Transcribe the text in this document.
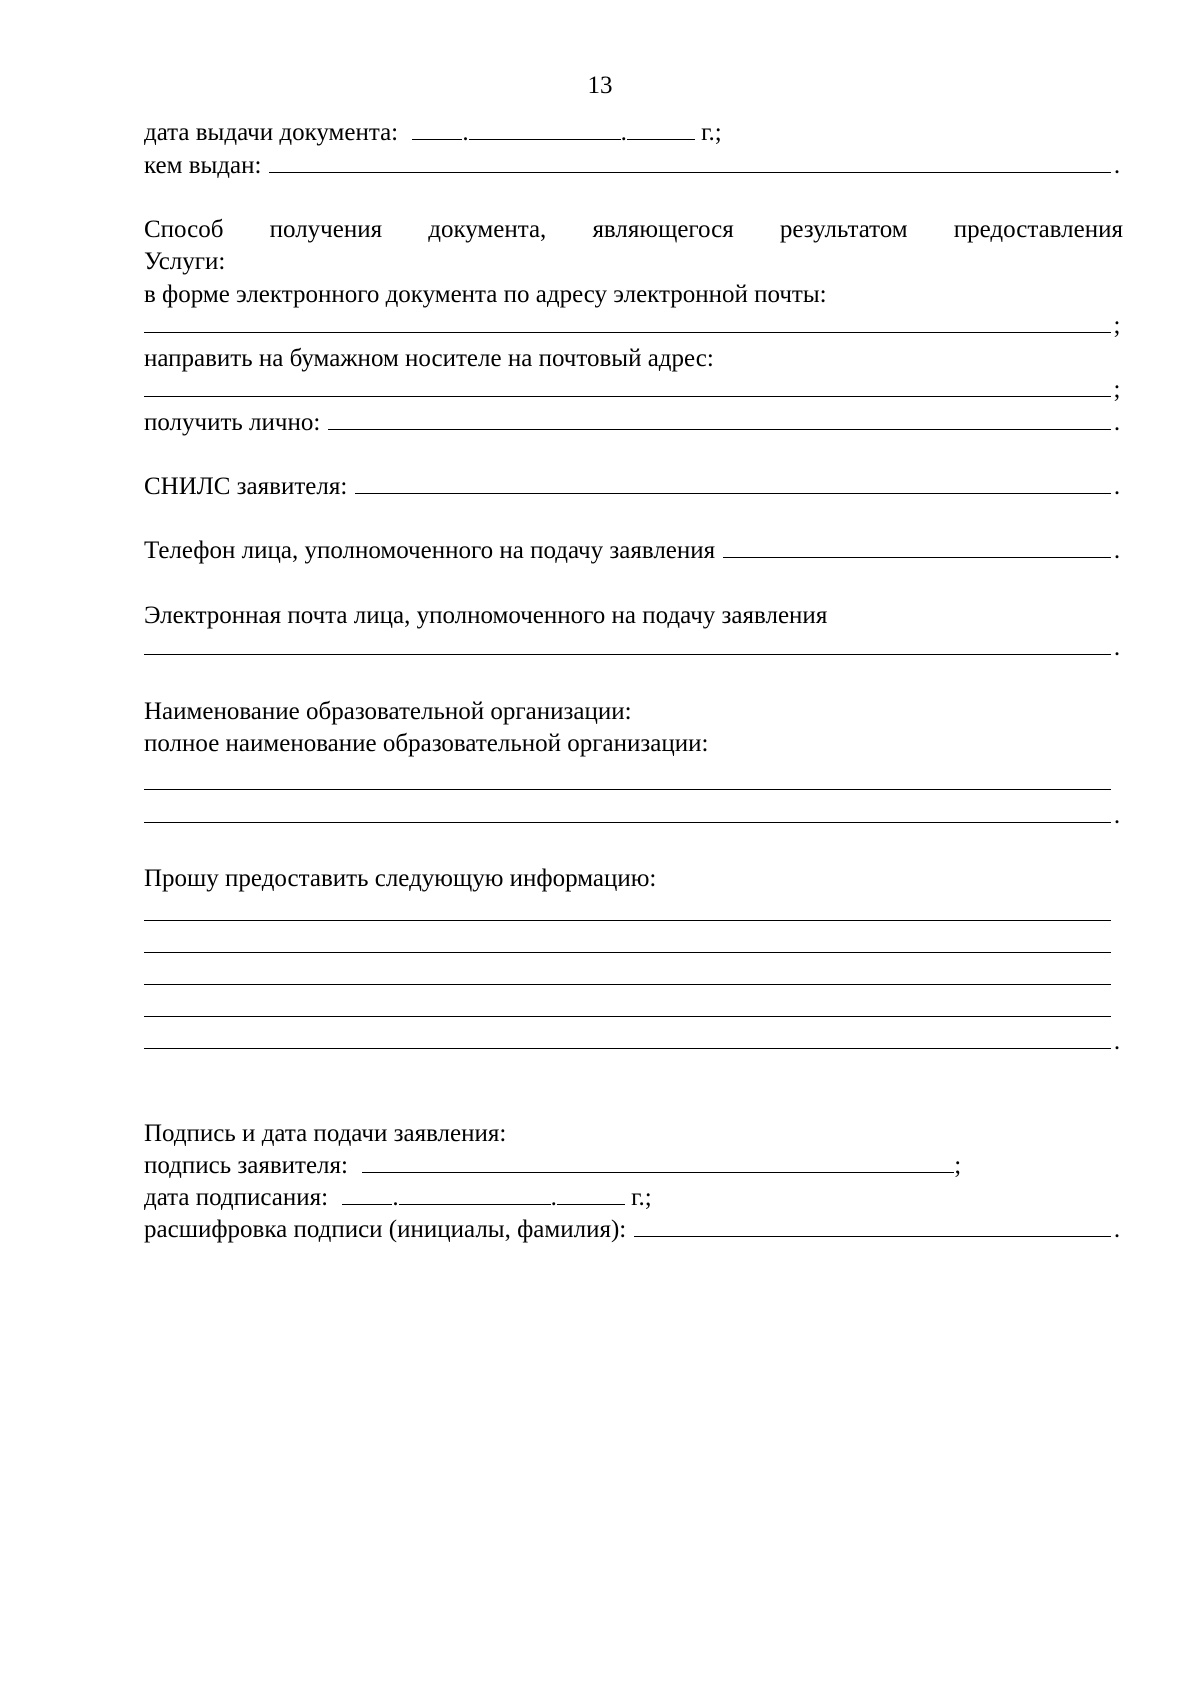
13
дата выдачи документа:	.	.	г.;
кем выдан:	.
Способ получения документа, являющегося результатом предоставления
Услуги:
в форме электронного документа по адресу электронной почты:
;
направить на бумажном носителе на почтовый адрес:
;
получить лично:	.
СНИЛС заявителя:	.
Телефон лица, уполномоченного на подачу заявления	.
Электронная почта лица, уполномоченного на подачу заявления
.
Наименование образовательной организации:
полное наименование образовательной организации:
.
Прошу предоставить следующую информацию:
.
Подпись и дата подачи заявления:
подпись заявителя:	;
дата подписания:	.	.	г.;
расшифровка подписи (инициалы, фамилия):	.
